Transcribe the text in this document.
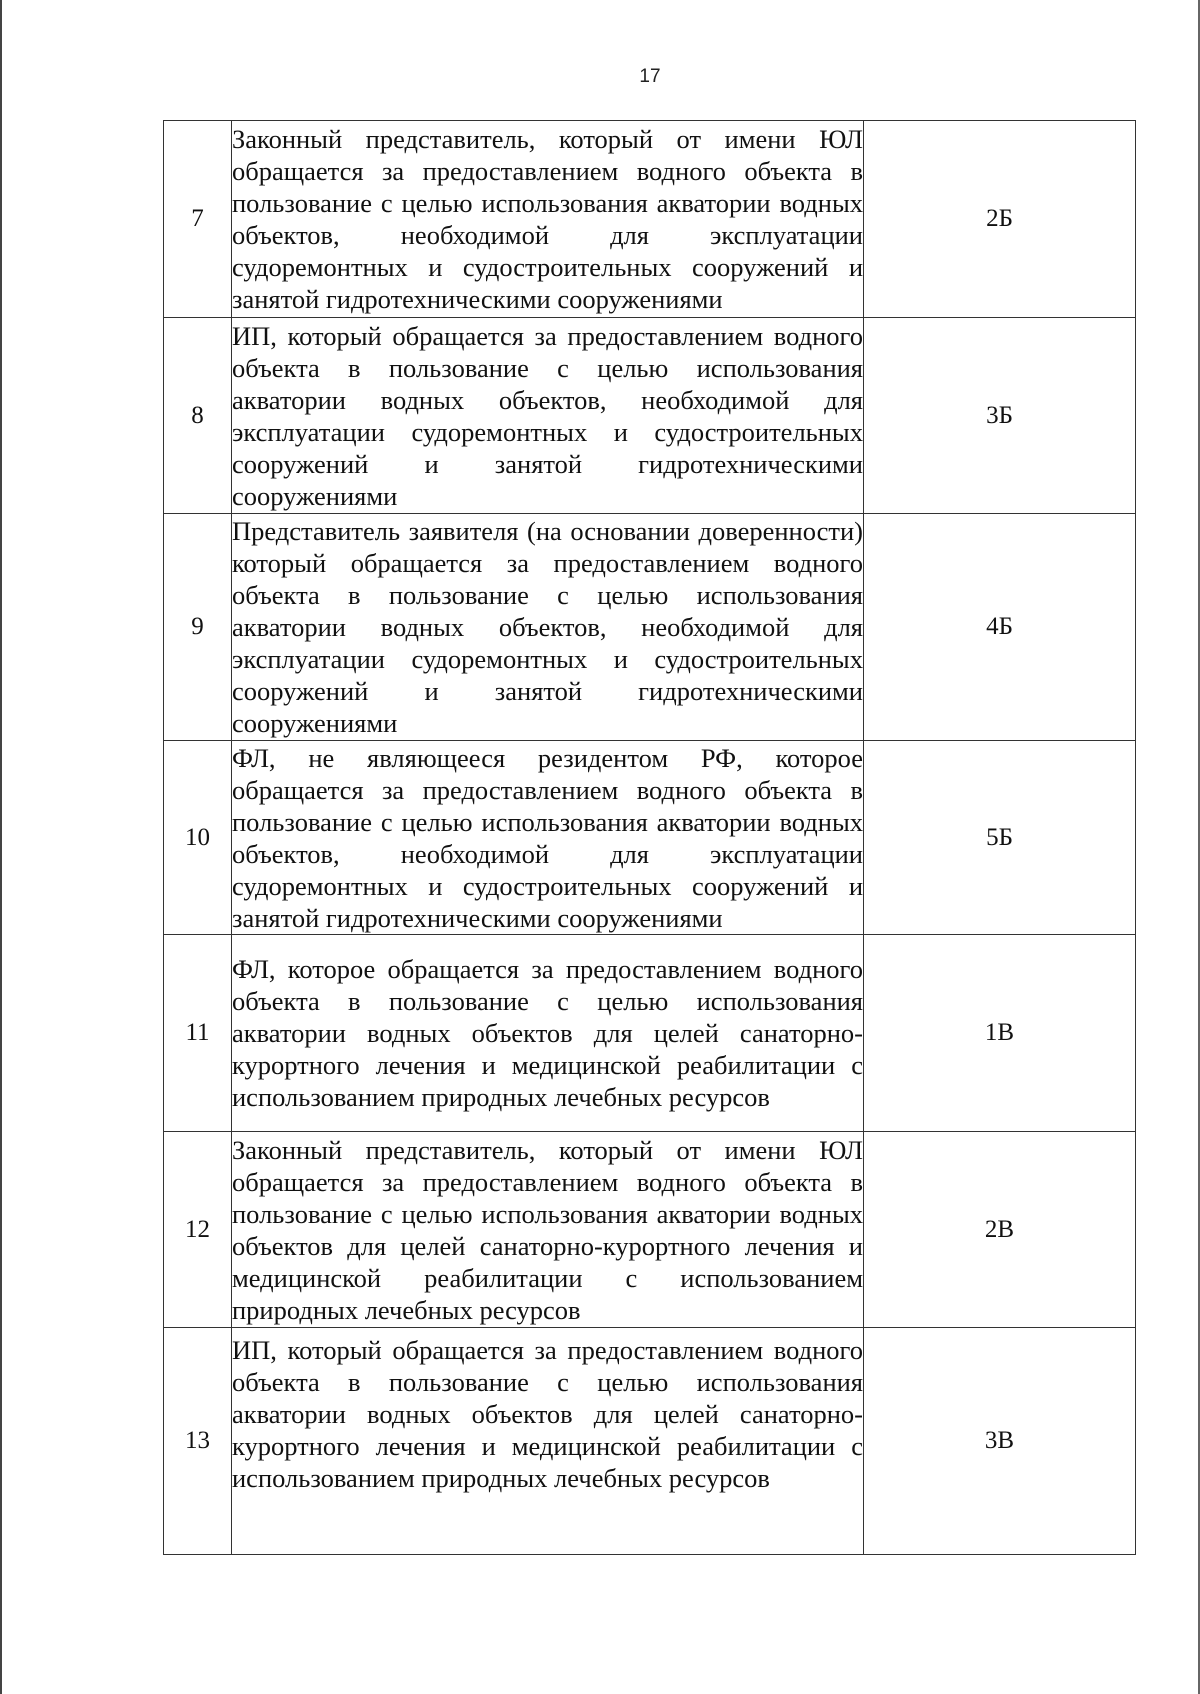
17
7	Законный представитель, который от имени ЮЛ обращается за предоставлением водного объекта в пользование с целью использования акватории водных объектов, необходимой для эксплуатации судоремонтных и судостроительных сооружений и занятой гидротехническими сооружениями	2Б
8	ИП, который обращается за предоставлением водного объекта в пользование с целью использования акватории водных объектов, необходимой для эксплуатации судоремонтных и судостроительных сооружений и занятой гидротехническими сооружениями	3Б
9	Представитель заявителя (на основании доверенности) который обращается за предоставлением водного объекта в пользование с целью использования акватории водных объектов, необходимой для эксплуатации судоремонтных и судостроительных сооружений и занятой гидротехническими сооружениями	4Б
10	ФЛ, не являющееся резидентом РФ, которое обращается за предоставлением водного объекта в пользование с целью использования акватории водных объектов, необходимой для эксплуатации судоремонтных и судостроительных сооружений и занятой гидротехническими сооружениями	5Б
11	ФЛ, которое обращается за предоставлением водного объекта в пользование с целью использования акватории водных объектов для целей санаторно-курортного лечения и медицинской реабилитации с использованием природных лечебных ресурсов	1В
12	Законный представитель, который от имени ЮЛ обращается за предоставлением водного объекта в пользование с целью использования акватории водных объектов для целей санаторно-курортного лечения и медицинской реабилитации с использованием природных лечебных ресурсов	2В
13	ИП, который обращается за предоставлением водного объекта в пользование с целью использования акватории водных объектов для целей санаторно-курортного лечения и медицинской реабилитации с использованием природных лечебных ресурсов	3В
